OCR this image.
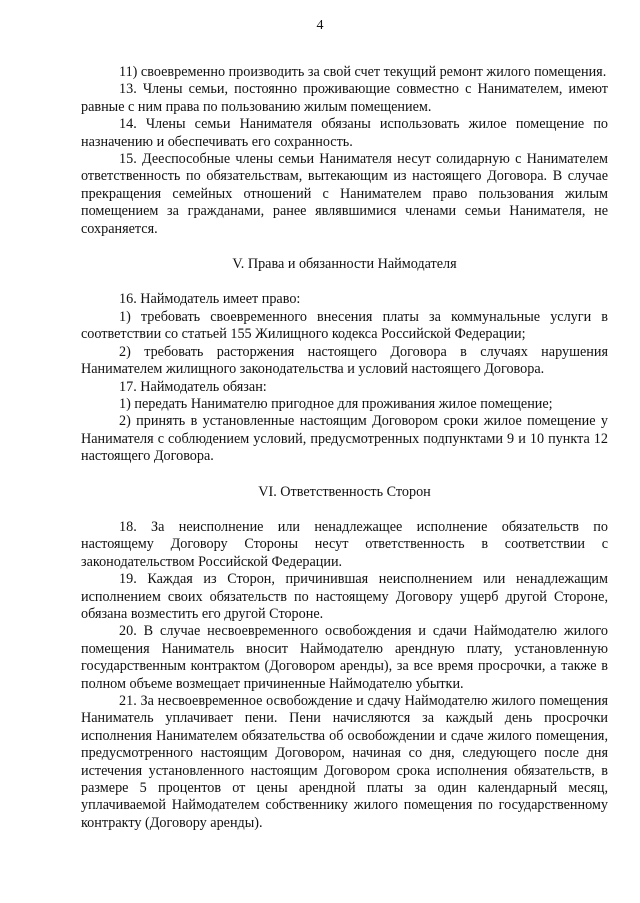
4

11) своевременно производить за свой счет текущий ремонт жилого помещения.

13. Члены семьи, постоянно проживающие совместно с Нанимателем, имеют равные с ним права по пользованию жилым помещением.

14. Члены семьи Нанимателя обязаны использовать жилое помещение по назначению и обеспечивать его сохранность.

15. Дееспособные члены семьи Нанимателя несут солидарную с Нанимателем ответственность по обязательствам, вытекающим из настоящего Договора. В случае прекращения семейных отношений с Нанимателем право пользования жилым помещением за гражданами, ранее являвшимися членами семьи Нанимателя, не сохраняется.

V. Права и обязанности Наймодателя

16. Наймодатель имеет право:

1) требовать своевременного внесения платы за коммунальные услуги в соответствии со статьей 155 Жилищного кодекса Российской Федерации;

2) требовать расторжения настоящего Договора в случаях нарушения Нанимателем жилищного законодательства и условий настоящего Договора.

17. Наймодатель обязан:

1) передать Нанимателю пригодное для проживания жилое помещение;

2) принять в установленные настоящим Договором сроки жилое помещение у Нанимателя с соблюдением условий, предусмотренных подпунктами 9 и 10 пункта 12 настоящего Договора.

VI. Ответственность Сторон

18. За неисполнение или ненадлежащее исполнение обязательств по настоящему Договору Стороны несут ответственность в соответствии с законодательством Российской Федерации.

19. Каждая из Сторон, причинившая неисполнением или ненадлежащим исполнением своих обязательств по настоящему Договору ущерб другой Стороне, обязана возместить его другой Стороне.

20. В случае несвоевременного освобождения и сдачи Наймодателю жилого помещения Наниматель вносит Наймодателю арендную плату, установленную государственным контрактом (Договором аренды), за все время просрочки, а также в полном объеме возмещает причиненные Наймодателю убытки.

21. За несвоевременное освобождение и сдачу Наймодателю жилого помещения Наниматель уплачивает пени. Пени начисляются за каждый день просрочки исполнения Нанимателем обязательства об освобождении и сдаче жилого помещения, предусмотренного настоящим Договором, начиная со дня, следующего после дня истечения установленного настоящим Договором срока исполнения обязательств, в размере 5 процентов от цены арендной платы за один календарный месяц, уплачиваемой Наймодателем собственнику жилого помещения по государственному контракту (Договору аренды).
